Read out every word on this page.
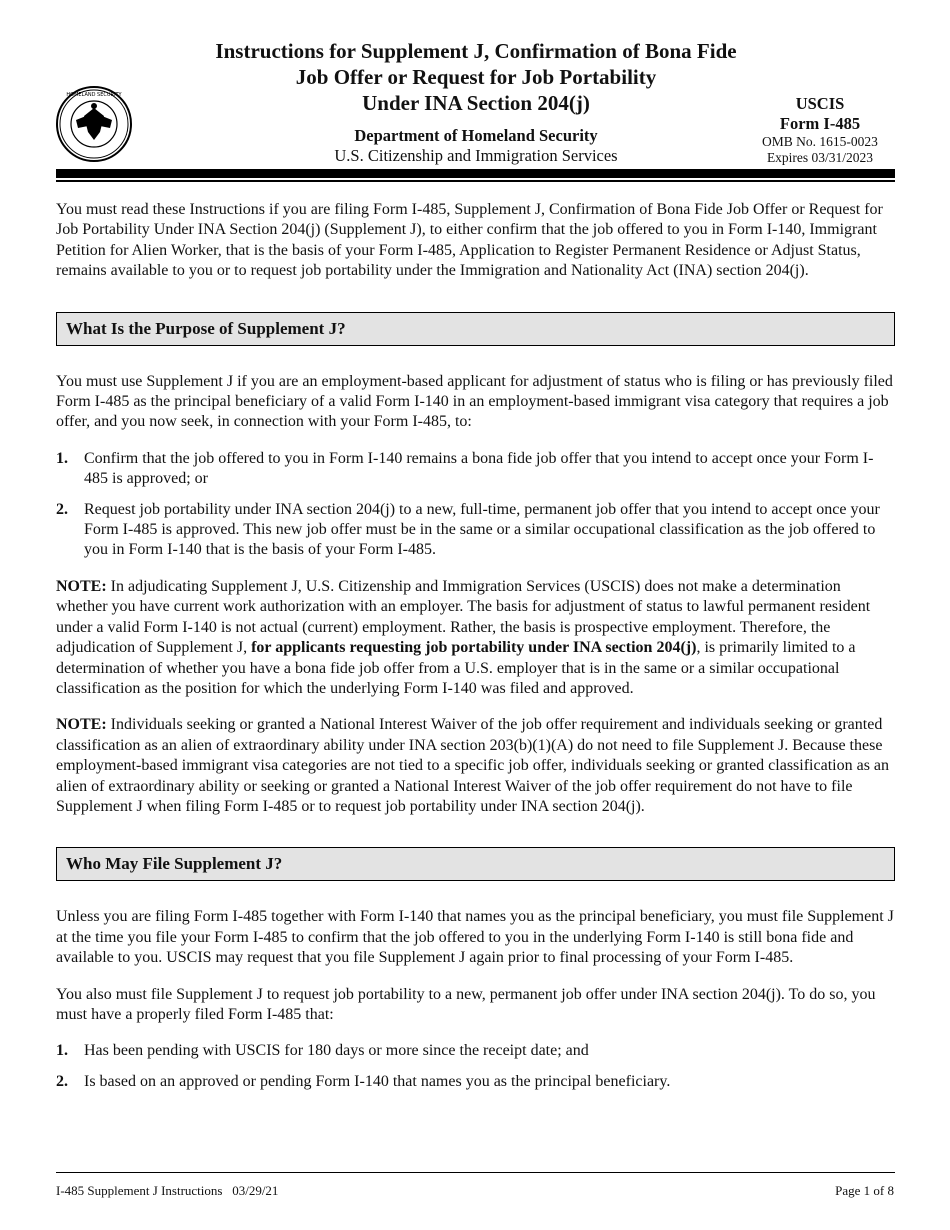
HOMELAND SECURITY
Instructions for Supplement J, Confirmation of Bona Fide
Job Offer or Request for Job Portability
Under INA Section 204(j)
Department of Homeland Security
U.S. Citizenship and Immigration Services
USCIS
Form I-485
OMB No. 1615-0023
Expires 03/31/2023

You must read these Instructions if you are filing Form I-485, Supplement J, Confirmation of Bona Fide Job Offer or Request for Job Portability Under INA Section 204(j) (Supplement J), to either confirm that the job offered to you in Form I-140, Immigrant Petition for Alien Worker, that is the basis of your Form I-485, Application to Register Permanent Residence or Adjust Status, remains available to you or to request job portability under the Immigration and Nationality Act (INA) section 204(j).

What Is the Purpose of Supplement J?

You must use Supplement J if you are an employment-based applicant for adjustment of status who is filing or has previously filed Form I-485 as the principal beneficiary of a valid Form I-140 in an employment-based immigrant visa category that requires a job offer, and you now seek, in connection with your Form I-485, to:

1.	Confirm that the job offered to you in Form I-140 remains a bona fide job offer that you intend to accept once your Form I-485 is approved; or
2.	Request job portability under INA section 204(j) to a new, full-time, permanent job offer that you intend to accept once your Form I-485 is approved. This new job offer must be in the same or a similar occupational classification as the job offered to you in Form I-140 that is the basis of your Form I-485.

NOTE: In adjudicating Supplement J, U.S. Citizenship and Immigration Services (USCIS) does not make a determination whether you have current work authorization with an employer. The basis for adjustment of status to lawful permanent resident under a valid Form I-140 is not actual (current) employment. Rather, the basis is prospective employment. Therefore, the adjudication of Supplement J, for applicants requesting job portability under INA section 204(j), is primarily limited to a determination of whether you have a bona fide job offer from a U.S. employer that is in the same or a similar occupational classification as the position for which the underlying Form I-140 was filed and approved.

NOTE: Individuals seeking or granted a National Interest Waiver of the job offer requirement and individuals seeking or granted classification as an alien of extraordinary ability under INA section 203(b)(1)(A) do not need to file Supplement J. Because these employment-based immigrant visa categories are not tied to a specific job offer, individuals seeking or granted classification as an alien of extraordinary ability or seeking or granted a National Interest Waiver of the job offer requirement do not have to file Supplement J when filing Form I-485 or to request job portability under INA section 204(j).

Who May File Supplement J?

Unless you are filing Form I-485 together with Form I-140 that names you as the principal beneficiary, you must file Supplement J at the time you file your Form I-485 to confirm that the job offered to you in the underlying Form I-140 is still bona fide and available to you. USCIS may request that you file Supplement J again prior to final processing of your Form I-485.

You also must file Supplement J to request job portability to a new, permanent job offer under INA section 204(j). To do so, you must have a properly filed Form I-485 that:

1.	Has been pending with USCIS for 180 days or more since the receipt date; and
2.	Is based on an approved or pending Form I-140 that names you as the principal beneficiary.
I-485 Supplement J Instructions   03/29/21	Page 1 of 8
